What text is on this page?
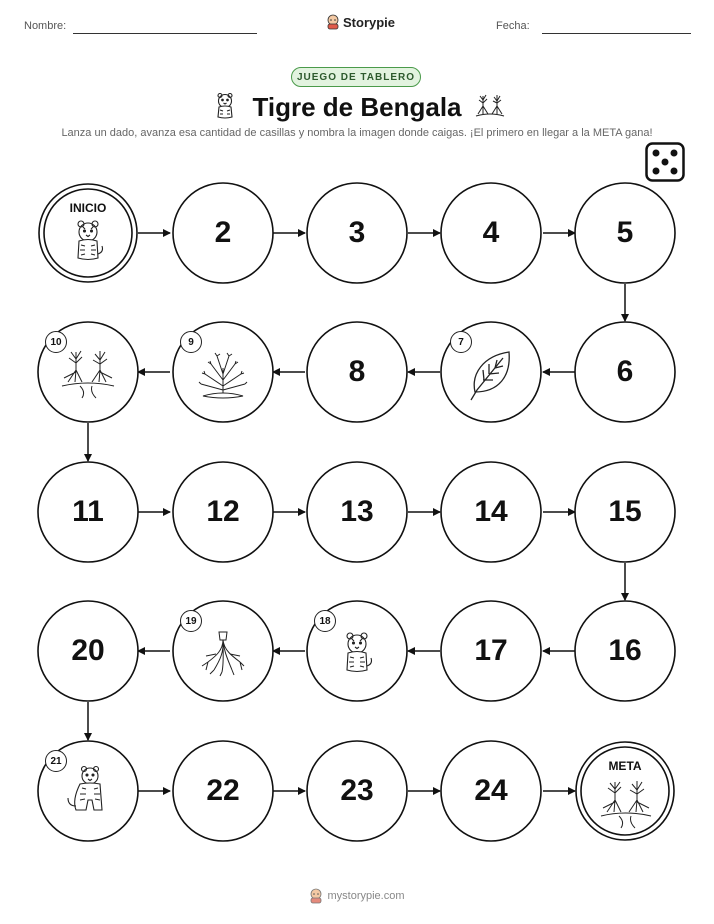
Nombre:	Storypie	Fecha:
JUEGO DE TABLERO
Tigre de Bengala
Lanza un dado, avanza esa cantidad de casillas y nombra la imagen donde caigas. ¡El primero en llegar a la META gana!
INICIO
META
2	3	4	5
6
8
11	12	13	14	15
16
17
20
22	23	24
7
9
10
18
19
21
mystorypie.com
